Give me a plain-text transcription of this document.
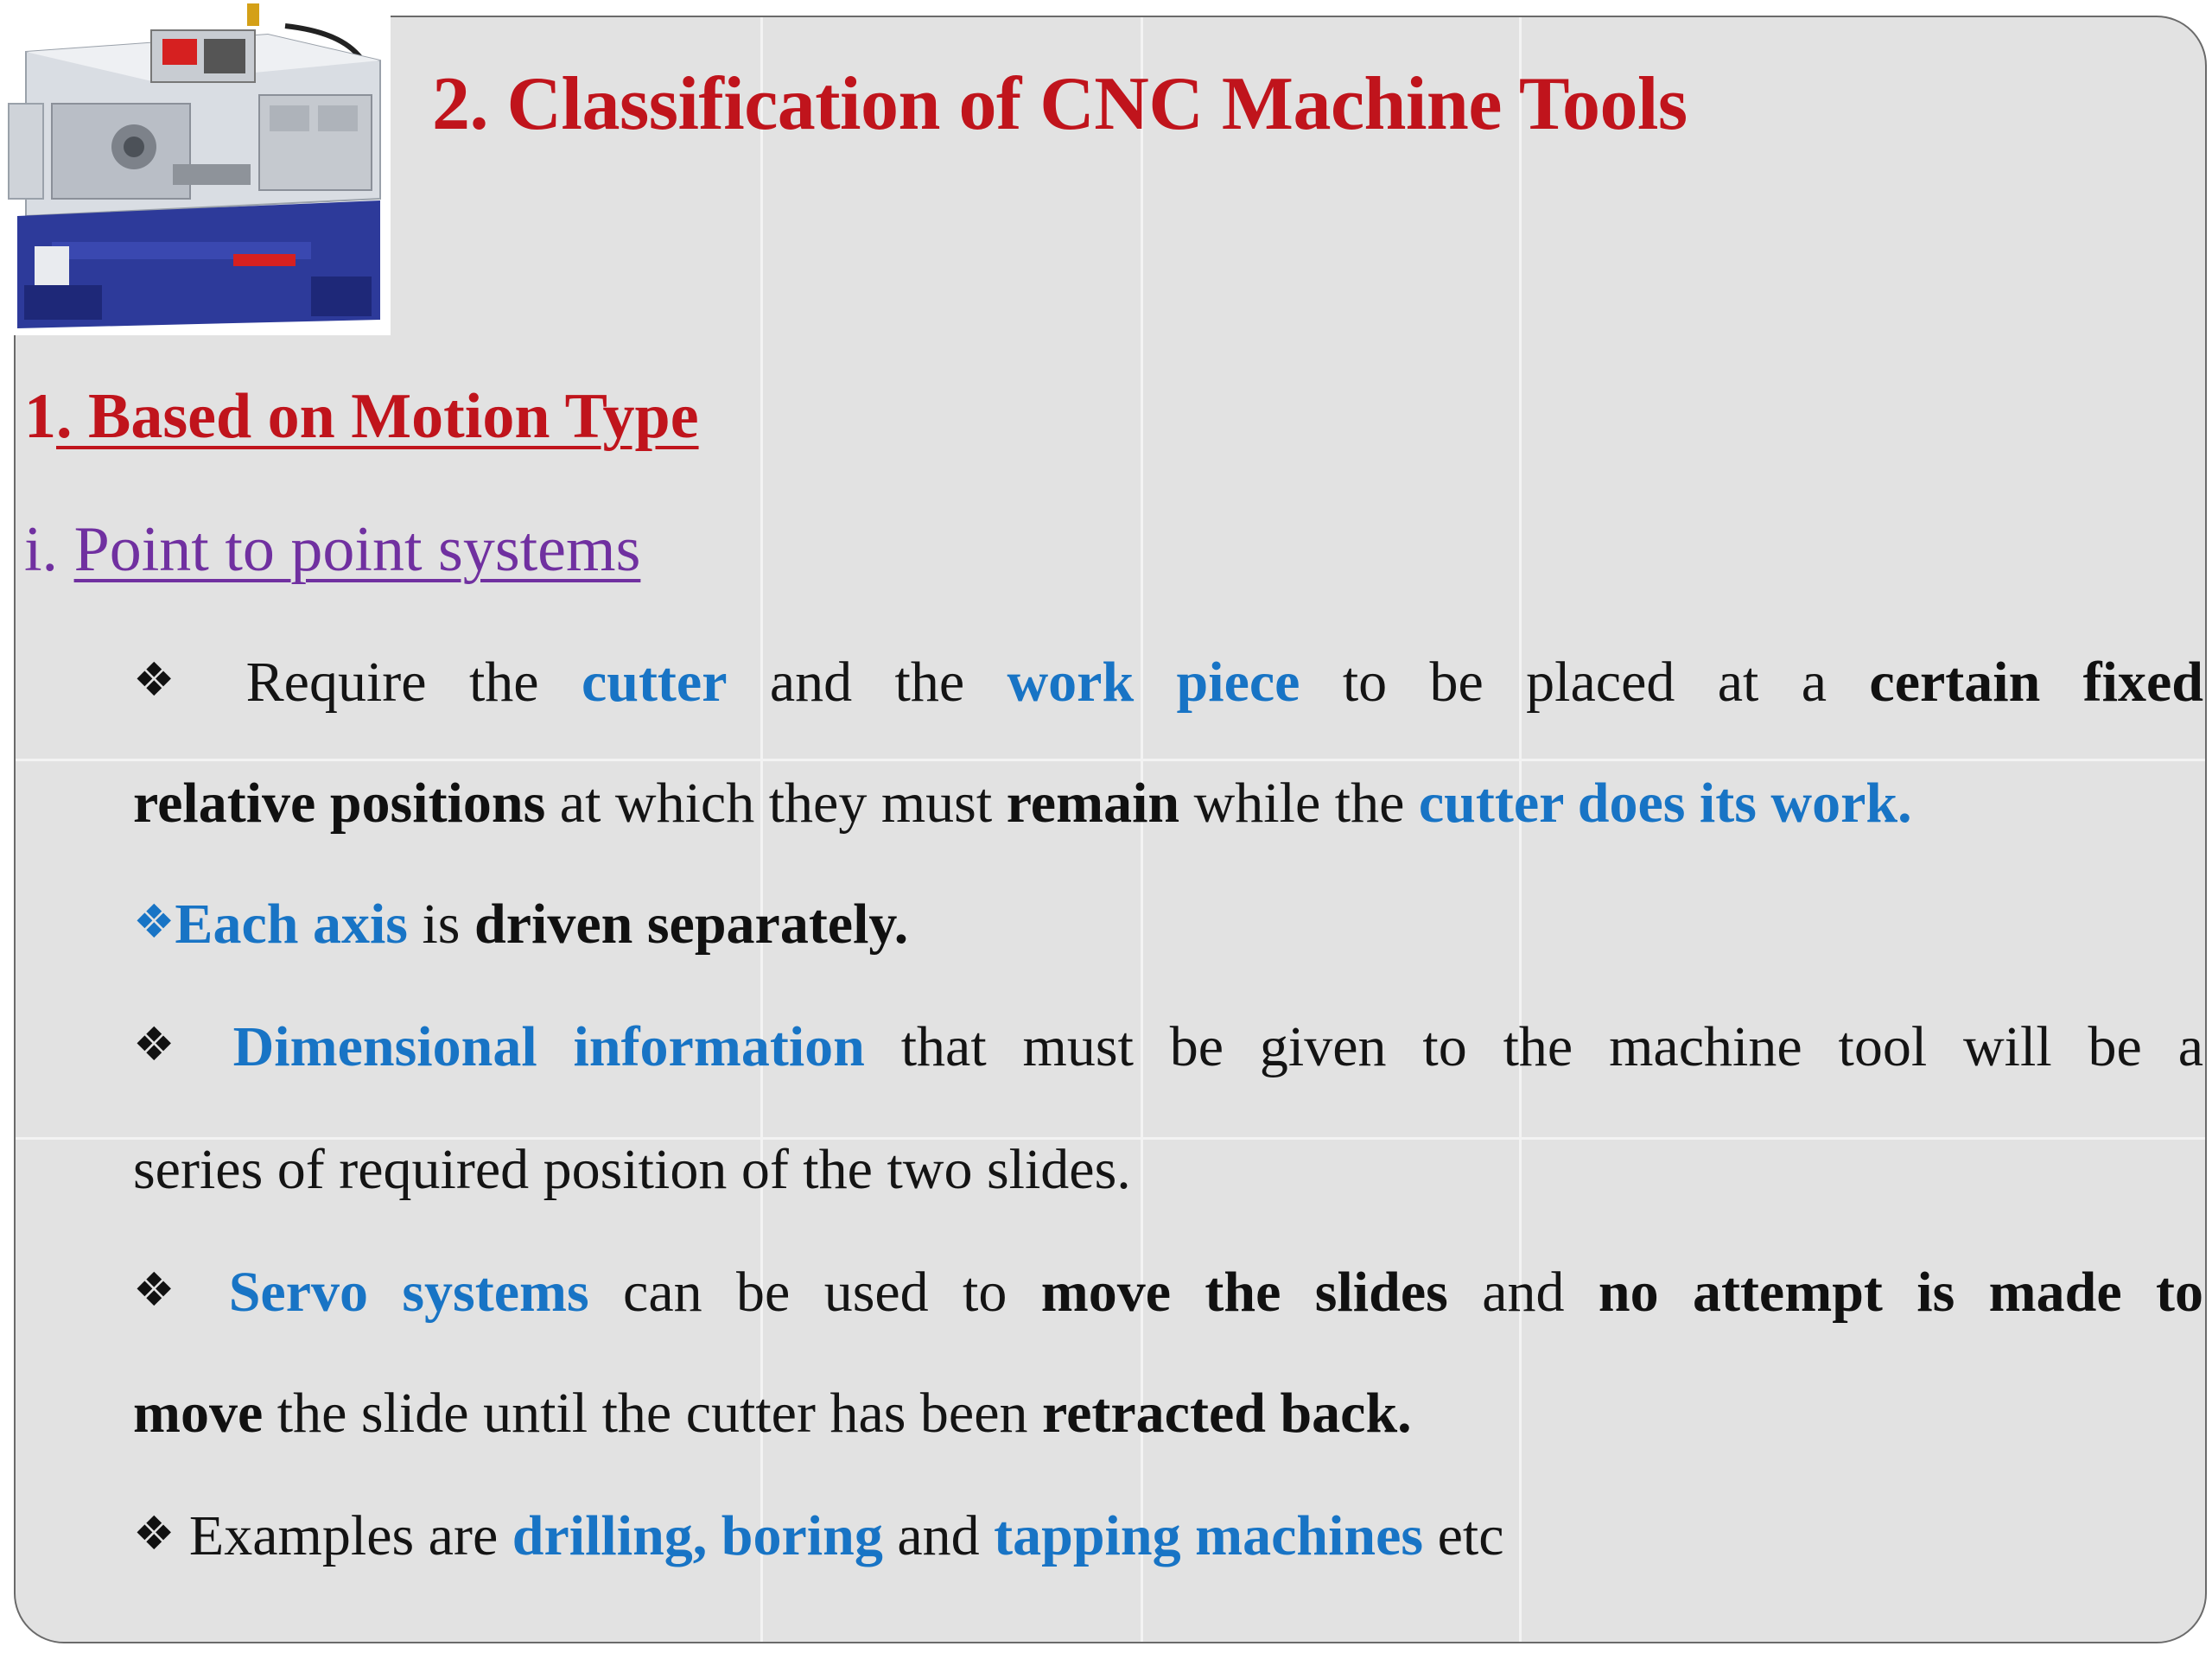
2. Classification of CNC Machine Tools
1. Based on Motion Type
i. Point to point systems
❖ Require the cutter and the work piece to be placed at a certain fixed
relative positions at which they must remain while the cutter does its work.
❖Each axis is driven separately.
❖ Dimensional information that must be given to the machine tool will be a
series of required position of the two slides.
❖ Servo systems can be used to move the slides and no attempt is made to
move the slide until the cutter has been retracted back.
❖ Examples are drilling, boring and tapping machines etc
